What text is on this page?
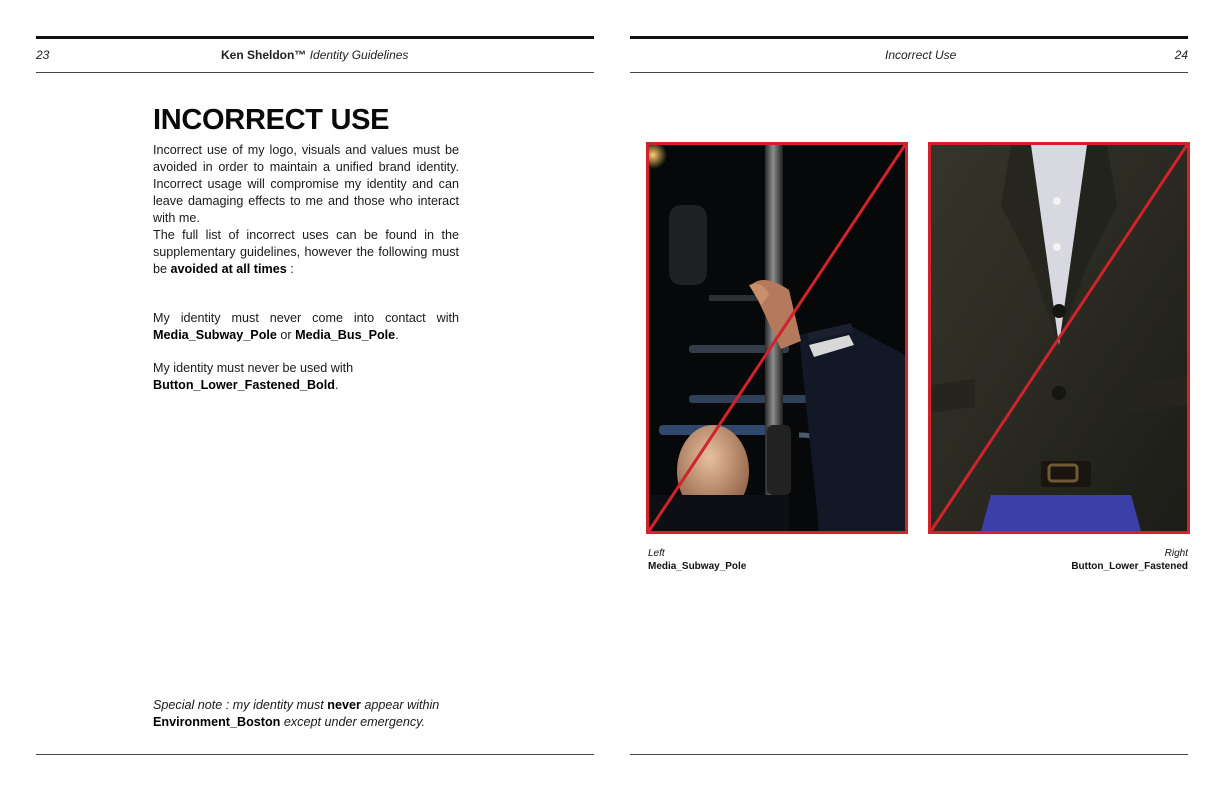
23	Ken Sheldon™ Identity Guidelines	Incorrect Use	24
INCORRECT USE

Incorrect use of my logo, visuals and values must be avoided in order to maintain a unified brand identity. Incorrect usage will compromise my identity and can leave damaging effects to me and those who interact with me.

The full list of incorrect uses can be found in the supplementary guidelines, however the following must be avoided at all times :

My identity must never come into contact with Media_Subway_Pole or Media_Bus_Pole.

My identity must never be used with
Button_Lower_Fastened_Bold.

Special note : my identity must never appear within
Environment_Boston except under emergency.

Left
Media_Subway_Pole
Right
Button_Lower_Fastened
